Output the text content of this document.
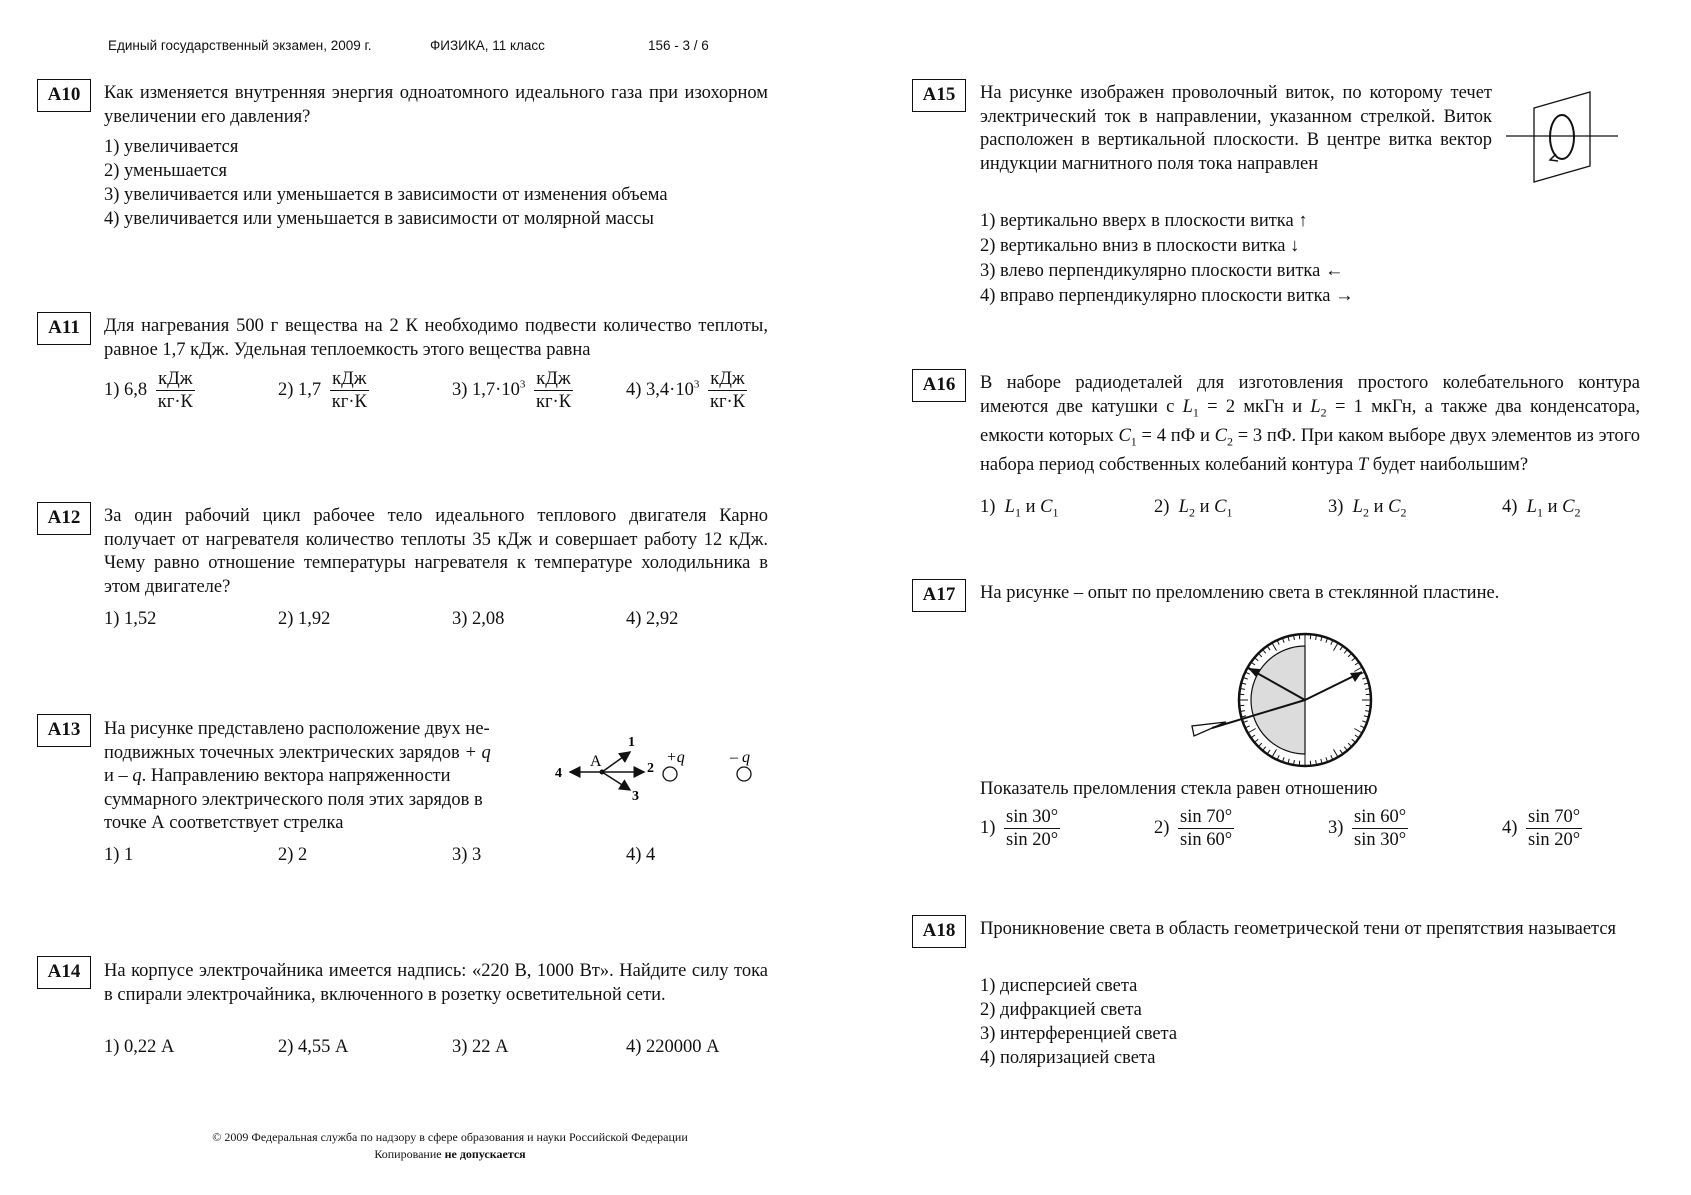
Единый государственный экзамен, 2009 г.	ФИЗИКА, 11 класс	156 - 3 / 6
A10	Как изменяется внутренняя энергия одноатомного идеального газа при изохорном увеличении его давления?
1) увеличивается
2) уменьшается
3) увеличивается или уменьшается в зависимости от изменения объема
4) увеличивается или уменьшается в зависимости от молярной массы
A11	Для нагревания 500 г вещества на 2 К необходимо подвести количество теплоты, равное 1,7 кДж. Удельная теплоемкость этого вещества равна
1) $6,8 \frac{\text{кДж}}{кг\cdot К}$	2) $1,7 \frac{\text{кДж}}{кг\cdot К}$	3) $1,7\cdot 10^3 \frac{\text{кДж}}{кг\cdot К}$	4) $3,4\cdot 10^3 \frac{\text{кДж}}{кг\cdot К}$
A12	За один рабочий цикл рабочее тело идеального теплового двигателя Карно получает от нагревателя количество теплоты 35 кДж и совершает работу 12 кДж. Чему равно отношение температуры нагревателя к температуре холодильника в этом двигателе?
1) 1,52	2) 1,92	3) 2,08	4) 2,92
A13	На рисунке представлено расположение двух не-
подвижных точечных электрических зарядов + q
и – q. Направлению вектора напряженности
суммарного электрического поля этих зарядов в
точке А соответствует стрелка
A
1
2
3
4
+q	– q
1) 1	2) 2	3) 3	4) 4
A14	На корпусе электрочайника имеется надпись: «220 В, 1000 Вт». Найдите силу тока в спирали электрочайника, включенного в розетку осветительной сети.
1) 0,22 А	2) 4,55 А	3) 22 А	4) 220000 А
© 2009 Федеральная служба по надзору в сфере образования и науки Российской Федерации
Копирование не допускается
A15	На рисунке изображен проволочный виток, по которому течет электрический ток в направлении, указанном стрелкой. Виток расположен в вертикальной плоскости. В центре витка вектор индукции магнитного поля тока направлен
1) вертикально вверх в плоскости витка ↑
2) вертикально вниз в плоскости витка ↓
3) влево перпендикулярно плоскости витка ←
4) вправо перпендикулярно плоскости витка →
A16	В наборе радиодеталей для изготовления простого колебательного контура имеются две катушки с $L_1 = 2$ мкГн и $L_2 = 1$ мкГн, а также два конденсатора, емкости которых $C_1 = 4$ пФ и $C_2 = 3$ пФ. При каком выборе двух элементов из этого набора период собственных колебаний контура T будет наибольшим?
1) $L_1$ и $C_1$	2) $L_2$ и $C_1$	3) $L_2$ и $C_2$	4) $L_1$ и $C_2$
A17	На рисунке – опыт по преломлению света в стеклянной пластине.
Показатель преломления стекла равен отношению
$1) \frac{\sin 30^\circ}{\sin 20^\circ}$	$2) \frac{\sin 70^\circ}{\sin 60^\circ}$	$3) \frac{\sin 60^\circ}{\sin 30^\circ}$	$4) \frac{\sin 70^\circ}{\sin 20^\circ}$
A18	Проникновение света в область геометрической тени от препятствия называется
1) дисперсией света
2) дифракцией света
3) интерференцией света
4) поляризацией света
